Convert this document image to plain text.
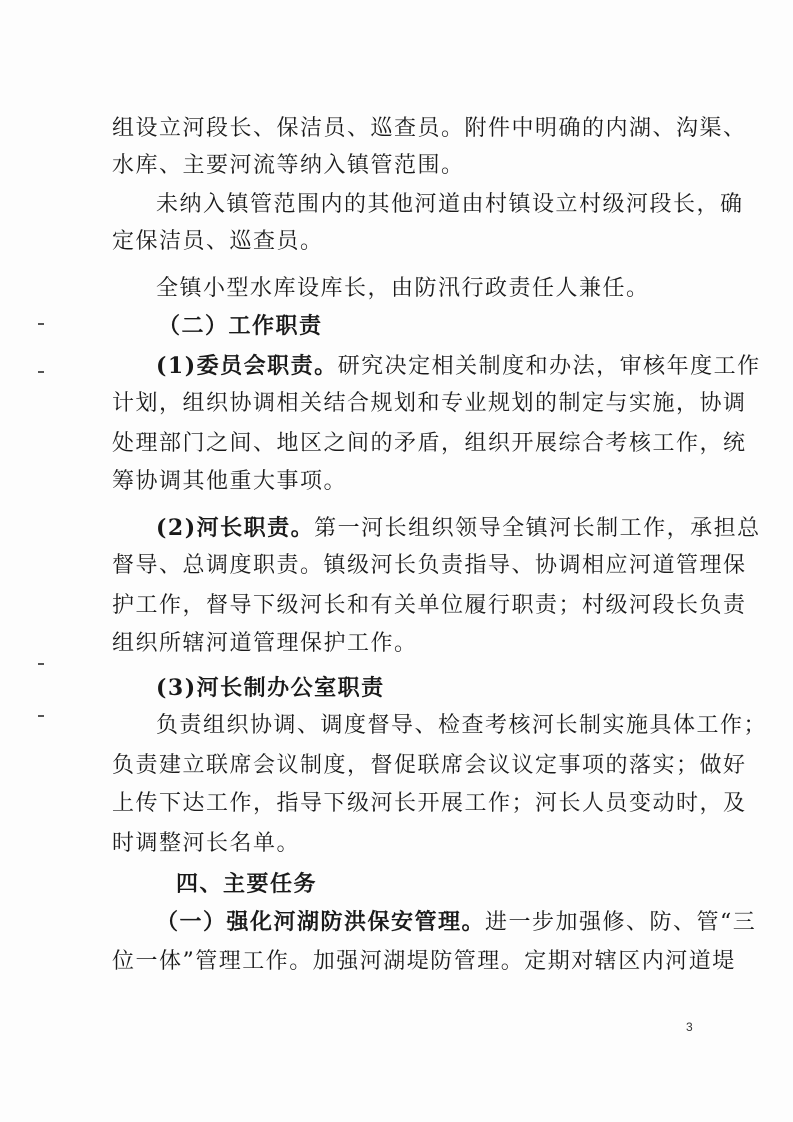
组设立河段长、保洁员、巡查员。附件中明确的内湖、沟渠、
水库、主要河流等纳入镇管范围。
未纳入镇管范围内的其他河道由村镇设立村级河段长，确
定保洁员、巡查员。
全镇小型水库设库长，由防汛行政责任人兼任。
（二）工作职责
(1)委员会职责。研究决定相关制度和办法，审核年度工作
计划，组织协调相关结合规划和专业规划的制定与实施，协调
处理部门之间、地区之间的矛盾，组织开展综合考核工作，统
筹协调其他重大事项。
(2)河长职责。第一河长组织领导全镇河长制工作，承担总
督导、总调度职责。镇级河长负责指导、协调相应河道管理保
护工作，督导下级河长和有关单位履行职责；村级河段长负责
组织所辖河道管理保护工作。
(3)河长制办公室职责
负责组织协调、调度督导、检查考核河长制实施具体工作；
负责建立联席会议制度，督促联席会议议定事项的落实；做好
上传下达工作，指导下级河长开展工作；河长人员变动时，及
时调整河长名单。
四、主要任务
（一）强化河湖防洪保安管理。进一步加强修、防、管“三
位一体”管理工作。加强河湖堤防管理。定期对辖区内河道堤
3
